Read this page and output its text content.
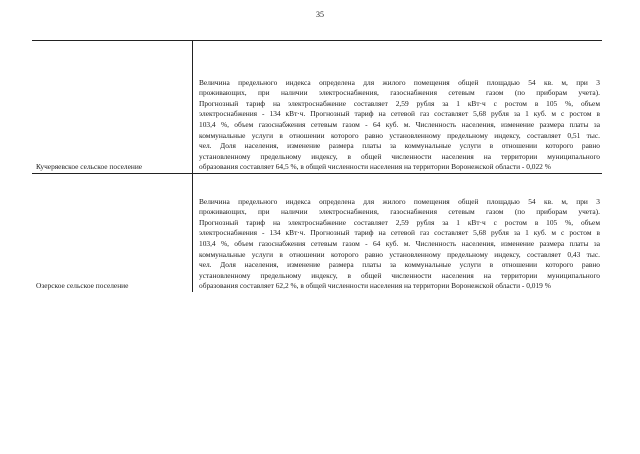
35
Кучеряевское сельское поселение
Величина предельного индекса определена для жилого помещения общей площадью 54 кв. м, при 3
проживающих, при наличии электроснабжения, газоснабжения сетевым газом (по приборам учета).
Прогнозный тариф на электроснабжение составляет 2,59 рубля за 1 кВт·ч с ростом в 105 %, объем
электроснабжения - 134 кВт·ч. Прогнозный тариф на сетевой газ составляет 5,68 рубля за 1 куб. м с ростом в
103,4 %, объем газоснабжения сетевым газом - 64 куб. м. Численность населения, изменение размера платы за
коммунальные услуги в отношении которого равно установленному предельному индексу, составляет 0,51 тыс.
чел. Доля населения, изменение размера платы за коммунальные услуги в отношении которого равно
установленному предельному индексу, в общей численности населения на территории муниципального
образования составляет 64,5 %, в общей численности населения на территории Воронежской области - 0,022 %
Озерское сельское поселение
Величина предельного индекса определена для жилого помещения общей площадью 54 кв. м, при 3
проживающих, при наличии электроснабжения, газоснабжения сетевым газом (по приборам учета).
Прогнозный тариф на электроснабжение составляет 2,59 рубля за 1 кВт·ч с ростом в 105 %, объем
электроснабжения - 134 кВт·ч. Прогнозный тариф на сетевой газ составляет 5,68 рубля за 1 куб. м с ростом в
103,4 %, объем газоснабжения сетевым газом - 64 куб. м. Численность населения, изменение размера платы за
коммунальные услуги в отношении которого равно установленному предельному индексу, составляет 0,43 тыс.
чел. Доля населения, изменение размера платы за коммунальные услуги в отношении которого равно
установленному предельному индексу, в общей численности населения на территории муниципального
образования составляет 62,2 %, в общей численности населения на территории Воронежской области - 0,019 %
